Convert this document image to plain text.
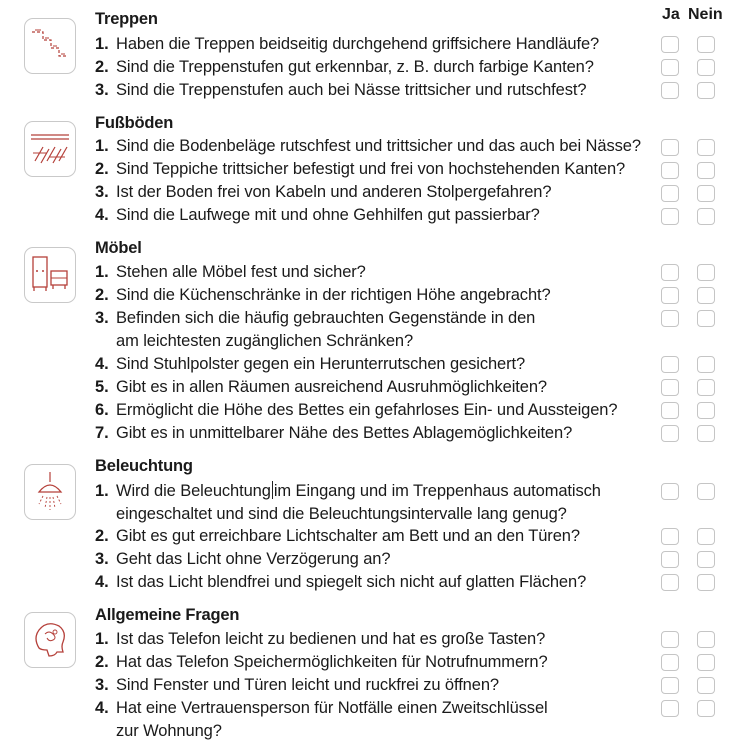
Ja Nein
Treppen
1. Haben die Treppen beidseitig durchgehend griffsichere Handläufe?
2. Sind die Treppenstufen gut erkennbar, z. B. durch farbige Kanten?
3. Sind die Treppenstufen auch bei Nässe trittsicher und rutschfest?
Fußböden
1. Sind die Bodenbeläge rutschfest und trittsicher und das auch bei Nässe?
2. Sind Teppiche trittsicher befestigt und frei von hochstehenden Kanten?
3. Ist der Boden frei von Kabeln und anderen Stolpergefahren?
4. Sind die Laufwege mit und ohne Gehhilfen gut passierbar?
Möbel
1. Stehen alle Möbel fest und sicher?
2. Sind die Küchenschränke in der richtigen Höhe angebracht?
3. Befinden sich die häufig gebrauchten Gegenstände in den
am leichtesten zugänglichen Schränken?
4. Sind Stuhlpolster gegen ein Herunterrutschen gesichert?
5. Gibt es in allen Räumen ausreichend Ausruhmöglichkeiten?
6. Ermöglicht die Höhe des Bettes ein gefahrloses Ein- und Aussteigen?
7. Gibt es in unmittelbarer Nähe des Bettes Ablagemöglichkeiten?
Beleuchtung
1. Wird die Beleuchtung im Eingang und im Treppenhaus automatisch
eingeschaltet und sind die Beleuchtungsintervalle lang genug?
2. Gibt es gut erreichbare Lichtschalter am Bett und an den Türen?
3. Geht das Licht ohne Verzögerung an?
4. Ist das Licht blendfrei und spiegelt sich nicht auf glatten Flächen?
Allgemeine Fragen
1. Ist das Telefon leicht zu bedienen und hat es große Tasten?
2. Hat das Telefon Speichermöglichkeiten für Notrufnummern?
3. Sind Fenster und Türen leicht und ruckfrei zu öffnen?
4. Hat eine Vertrauensperson für Notfälle einen Zweitschlüssel
zur Wohnung?
